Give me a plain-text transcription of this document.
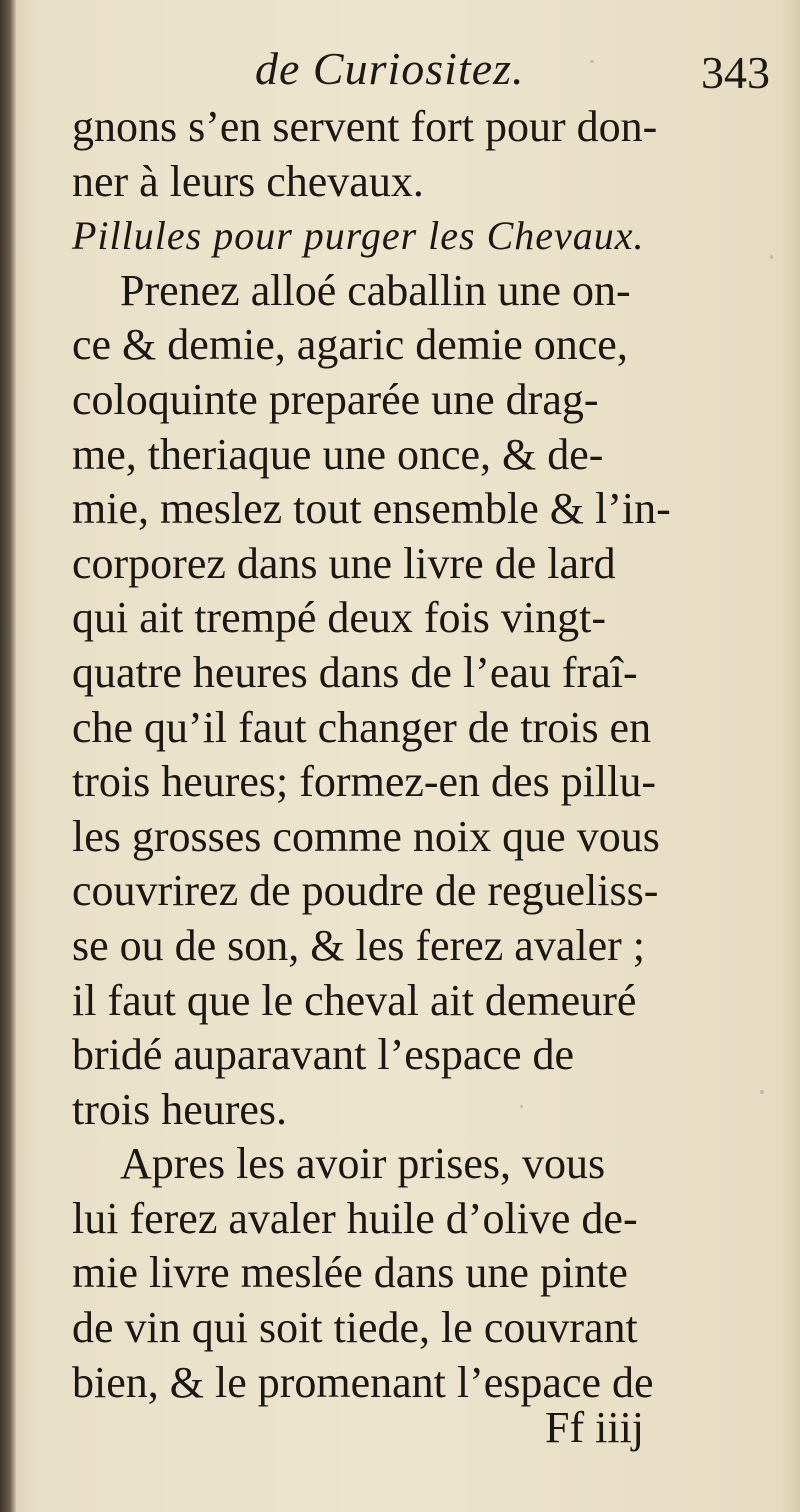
de Curiositez.	343
gnons s’en servent fort pour don-
ner à leurs chevaux.
Pillules pour purger les Chevaux.
Prenez alloé caballin une on-
ce & demie, agaric demie once,
coloquinte preparée une drag-
me, theriaque une once, & de-
mie, meslez tout ensemble & l’in-
corporez dans une livre de lard
qui ait trempé deux fois vingt-
quatre heures dans de l’eau fraî-
che qu’il faut changer de trois en
trois heures; formez-en des pillu-
les grosses comme noix que vous
couvrirez de poudre de regueliss-
se ou de son, & les ferez avaler ;
il faut que le cheval ait demeuré
bridé auparavant l’espace de
trois heures.
Apres les avoir prises, vous
lui ferez avaler huile d’olive de-
mie livre meslée dans une pinte
de vin qui soit tiede, le couvrant
bien, & le promenant l’espace de
Ff iiij
